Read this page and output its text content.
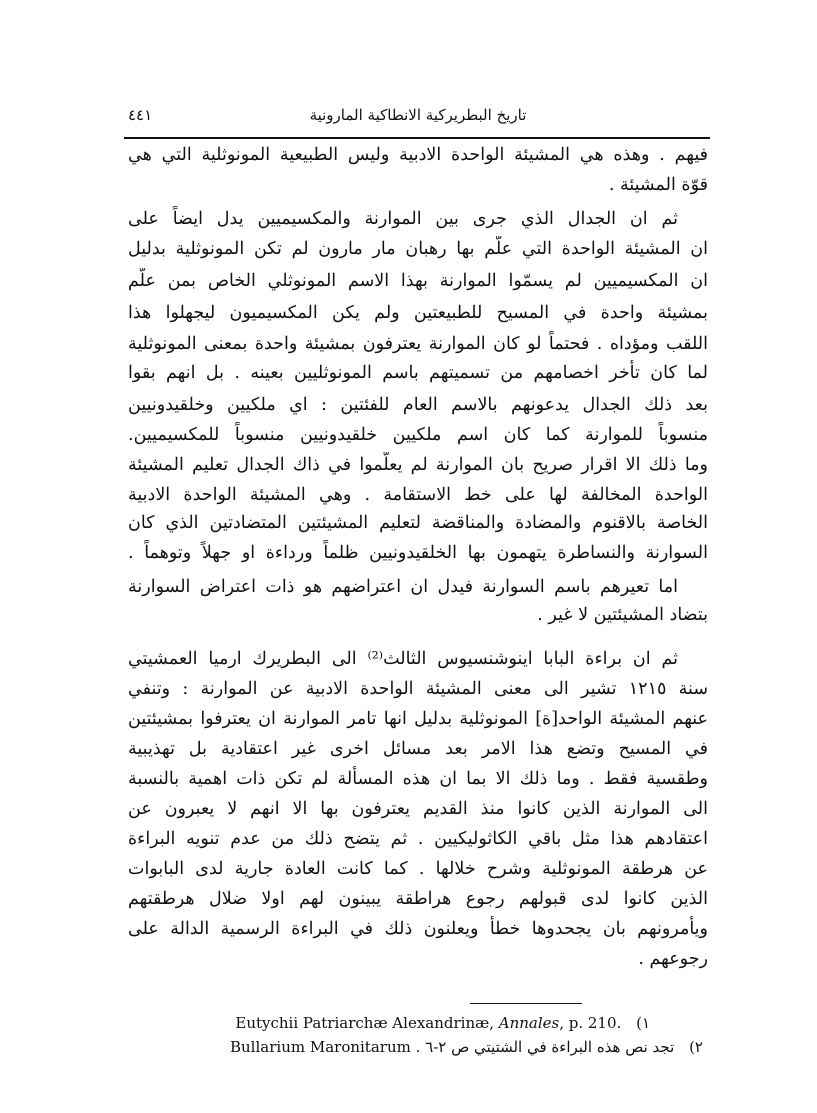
تاريخ البطريركية الانطاكية المارونية
٤٤١
فيهم . وهذه هي المشيئة الواحدة الادبية وليس الطبيعية المونوثلية التي هي
قوّة المشيئة .
ثم ان الجدال الذي جرى بين الموارنة والمكسيميين يدل ايضاً على
ان المشيئة الواحدة التي علّم بها رهبان مار مارون لم تكن المونوثلية بدليل
ان المكسيميين لم يسمّوا الموارنة بهذا الاسم المونوثلي الخاص بمن علّم
بمشيئة واحدة في المسيح للطبيعتين ولم يكن المكسيميون ليجهلوا هذا
اللقب ومؤداه . فحتماً لو كان الموارنة يعترفون بمشيئة واحدة بمعنى المونوثلية
لما كان تأخر اخصامهم من تسميتهم باسم المونوثليين بعينه . بل انهم بقوا
بعد ذلك الجدال يدعونهم بالاسم العام للفئتين : اي ملكيين وخلقيدونيين
منسوباً للموارنة كما كان اسم ملكيين خلقيدونيين منسوباً للمكسيميين.
وما ذلك الا اقرار صريح بان الموارنة لم يعلّموا في ذاك الجدال تعليم المشيئة
الواحدة المخالفة لها على خط الاستقامة . وهي المشيئة الواحدة الادبية
الخاصة بالاقنوم والمضادة والمناقضة لتعليم المشيئتين المتضادتين الذي كان
السوارنة والنساطرة يتهمون بها الخلقيدونيين ظلماً ورداءة او جهلاً وتوهماً .
اما تعيرهم باسم السوارنة فيدل ان اعتراضهم هو ذات اعتراض السوارنة
بتضاد المشيئتين لا غير .
ثم ان براءة البابا اينوشنسيوس الثالث⁽²⁾ الى البطريرك ارميا العمشيتي
سنة ١٢١٥ تشير الى معنى المشيئة الواحدة الادبية عن الموارنة : وتنفي
عنهم المشيئة الواحد[ة] المونوثلية بدليل انها تامر الموارنة ان يعترفوا بمشيئتين
في المسيح وتضع هذا الامر بعد مسائل اخرى غير اعتقادية بل تهذيبية
وطقسية فقط . وما ذلك الا بما ان هذه المسألة لم تكن ذات اهمية بالنسبة
الى الموارنة الذين كانوا منذ القديم يعترفون بها الا انهم لا يعبرون عن
اعتقادهم هذا مثل باقي الكاثوليكيين . ثم يتضح ذلك من عدم تنويه البراءة
عن هرطقة المونوثلية وشرح خلالها . كما كانت العادة جارية لدى البابوات
الذين كانوا لدى قبولهم رجوع هراطقة يبينون لهم اولا ضلال هرطقتهم
ويأمرونهم بان يجحدوها خطأ ويعلنون ذلك في البراءة الرسمية الدالة على
رجوعهم .
Eutychii Patriarchæ Alexandrinæ, Annales, p. 210. (١
Bullarium Maronitarum . تجد نص هذه البراءة في الشتيتي ص ٢-٦ (٢
